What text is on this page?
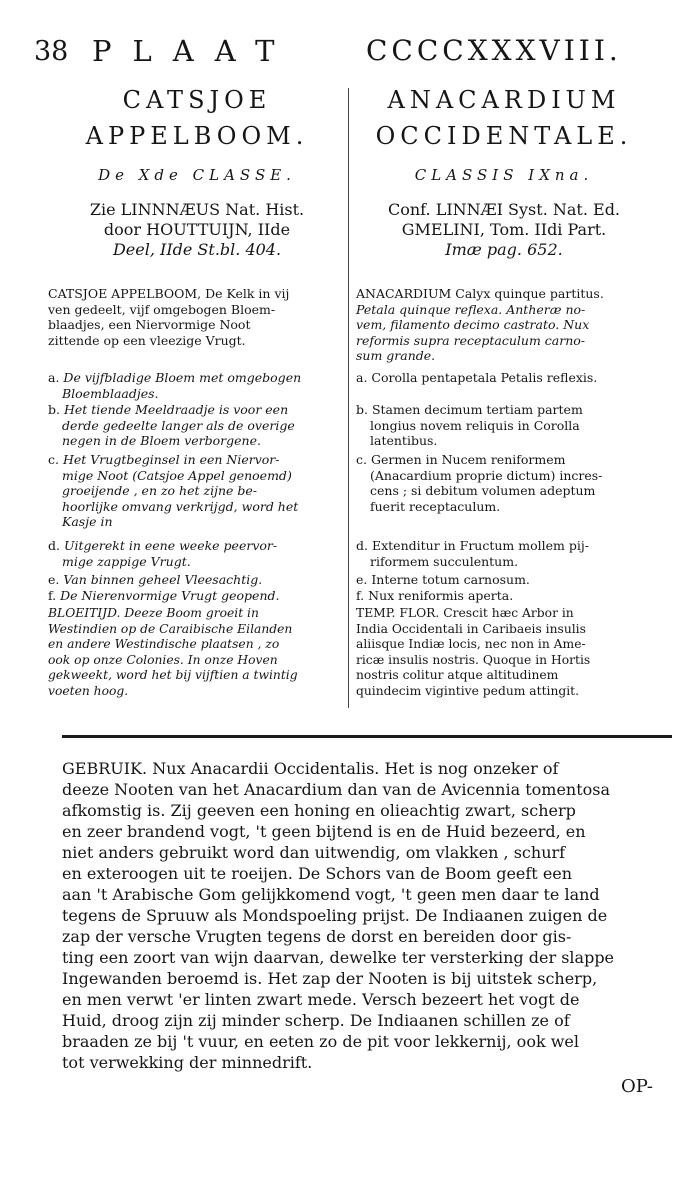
38 PLAAT	CCCCXXXVIII.
CATSJOE
APPELBOOM.
De Xde CLASSE.
Zie LINNNÆUS Nat. Hist.
door HOUTTUIJN, IIde
Deel, IIde St.bl. 404.
CATSJOE APPELBOOM, De Kelk in vij
ven gedeelt, vijf omgebogen Bloem-
blaadjes, een Niervormige Noot
zittende op een vleezige Vrugt.
a. De vijfbladige Bloem met omgebogen
Bloemblaadjes.
b. Het tiende Meeldraadje is voor een
derde gedeelte langer als de overige
negen in de Bloem verborgene.
c. Het Vrugtbeginsel in een Niervor-
mige Noot (Catsjoe Appel genoemd)
groeijende , en zo het zijne be-
hoorlijke omvang verkrijgd, word het
Kasje in
d. Uitgerekt in eene weeke peervor-
mige zappige Vrugt.
e. Van binnen geheel Vleesachtig.
f. De Nierenvormige Vrugt geopend.
BLOEITIJD. Deeze Boom groeit in
Westindien op de Caraibische Eilanden
en andere Westindische plaatsen , zo
ook op onze Colonies. In onze Hoven
gekweekt, word het bij vijftien a twintig
voeten hoog.
ANACARDIUM
OCCIDENTALE.
CLASSIS IXna.
Conf. LINNÆI Syst. Nat. Ed.
GMELINI, Tom. IIdi Part.
Imæ pag. 652.
ANACARDIUM Calyx quinque partitus.
Petala quinque reflexa. Antheræ no-
vem, filamento decimo castrato. Nux
reformis supra receptaculum carno-
sum grande.
a. Corolla pentapetala Petalis reflexis.
b. Stamen decimum tertiam partem
longius novem reliquis in Corolla
latentibus.
c. Germen in Nucem reniformem
(Anacardium proprie dictum) incres-
cens ; si debitum volumen adeptum
fuerit receptaculum.
d. Extenditur in Fructum mollem pij-
riformem succulentum.
e. Interne totum carnosum.
f. Nux reniformis aperta.
TEMP. FLOR. Crescit hæc Arbor in
India Occidentali in Caribaeis insulis
aliisque Indiæ locis, nec non in Ame-
ricæ insulis nostris. Quoque in Hortis
nostris colitur atque altitudinem
quindecim vigintive pedum attingit.
GEBRUIK. Nux Anacardii Occidentalis. Het is nog onzeker of
deeze Nooten van het Anacardium dan van de Avicennia tomentosa
afkomstig is. Zij geeven een honing en olieachtig zwart, scherp
en zeer brandend vogt, 't geen bijtend is en de Huid bezeerd, en
niet anders gebruikt word dan uitwendig, om vlakken , schurf
en exteroogen uit te roeijen. De Schors van de Boom geeft een
aan 't Arabische Gom gelijkkomend vogt, 't geen men daar te land
tegens de Spruuw als Mondspoeling prijst. De Indiaanen zuigen de
zap der versche Vrugten tegens de dorst en bereiden door gis-
ting een zoort van wijn daarvan, dewelke ter versterking der slappe
Ingewanden beroemd is. Het zap der Nooten is bij uitstek scherp,
en men verwt 'er linten zwart mede. Versch bezeert het vogt de
Huid, droog zijn zij minder scherp. De Indiaanen schillen ze of
braaden ze bij 't vuur, en eeten zo de pit voor lekkernij, ook wel
tot verwekking der minnedrift.
OP-
